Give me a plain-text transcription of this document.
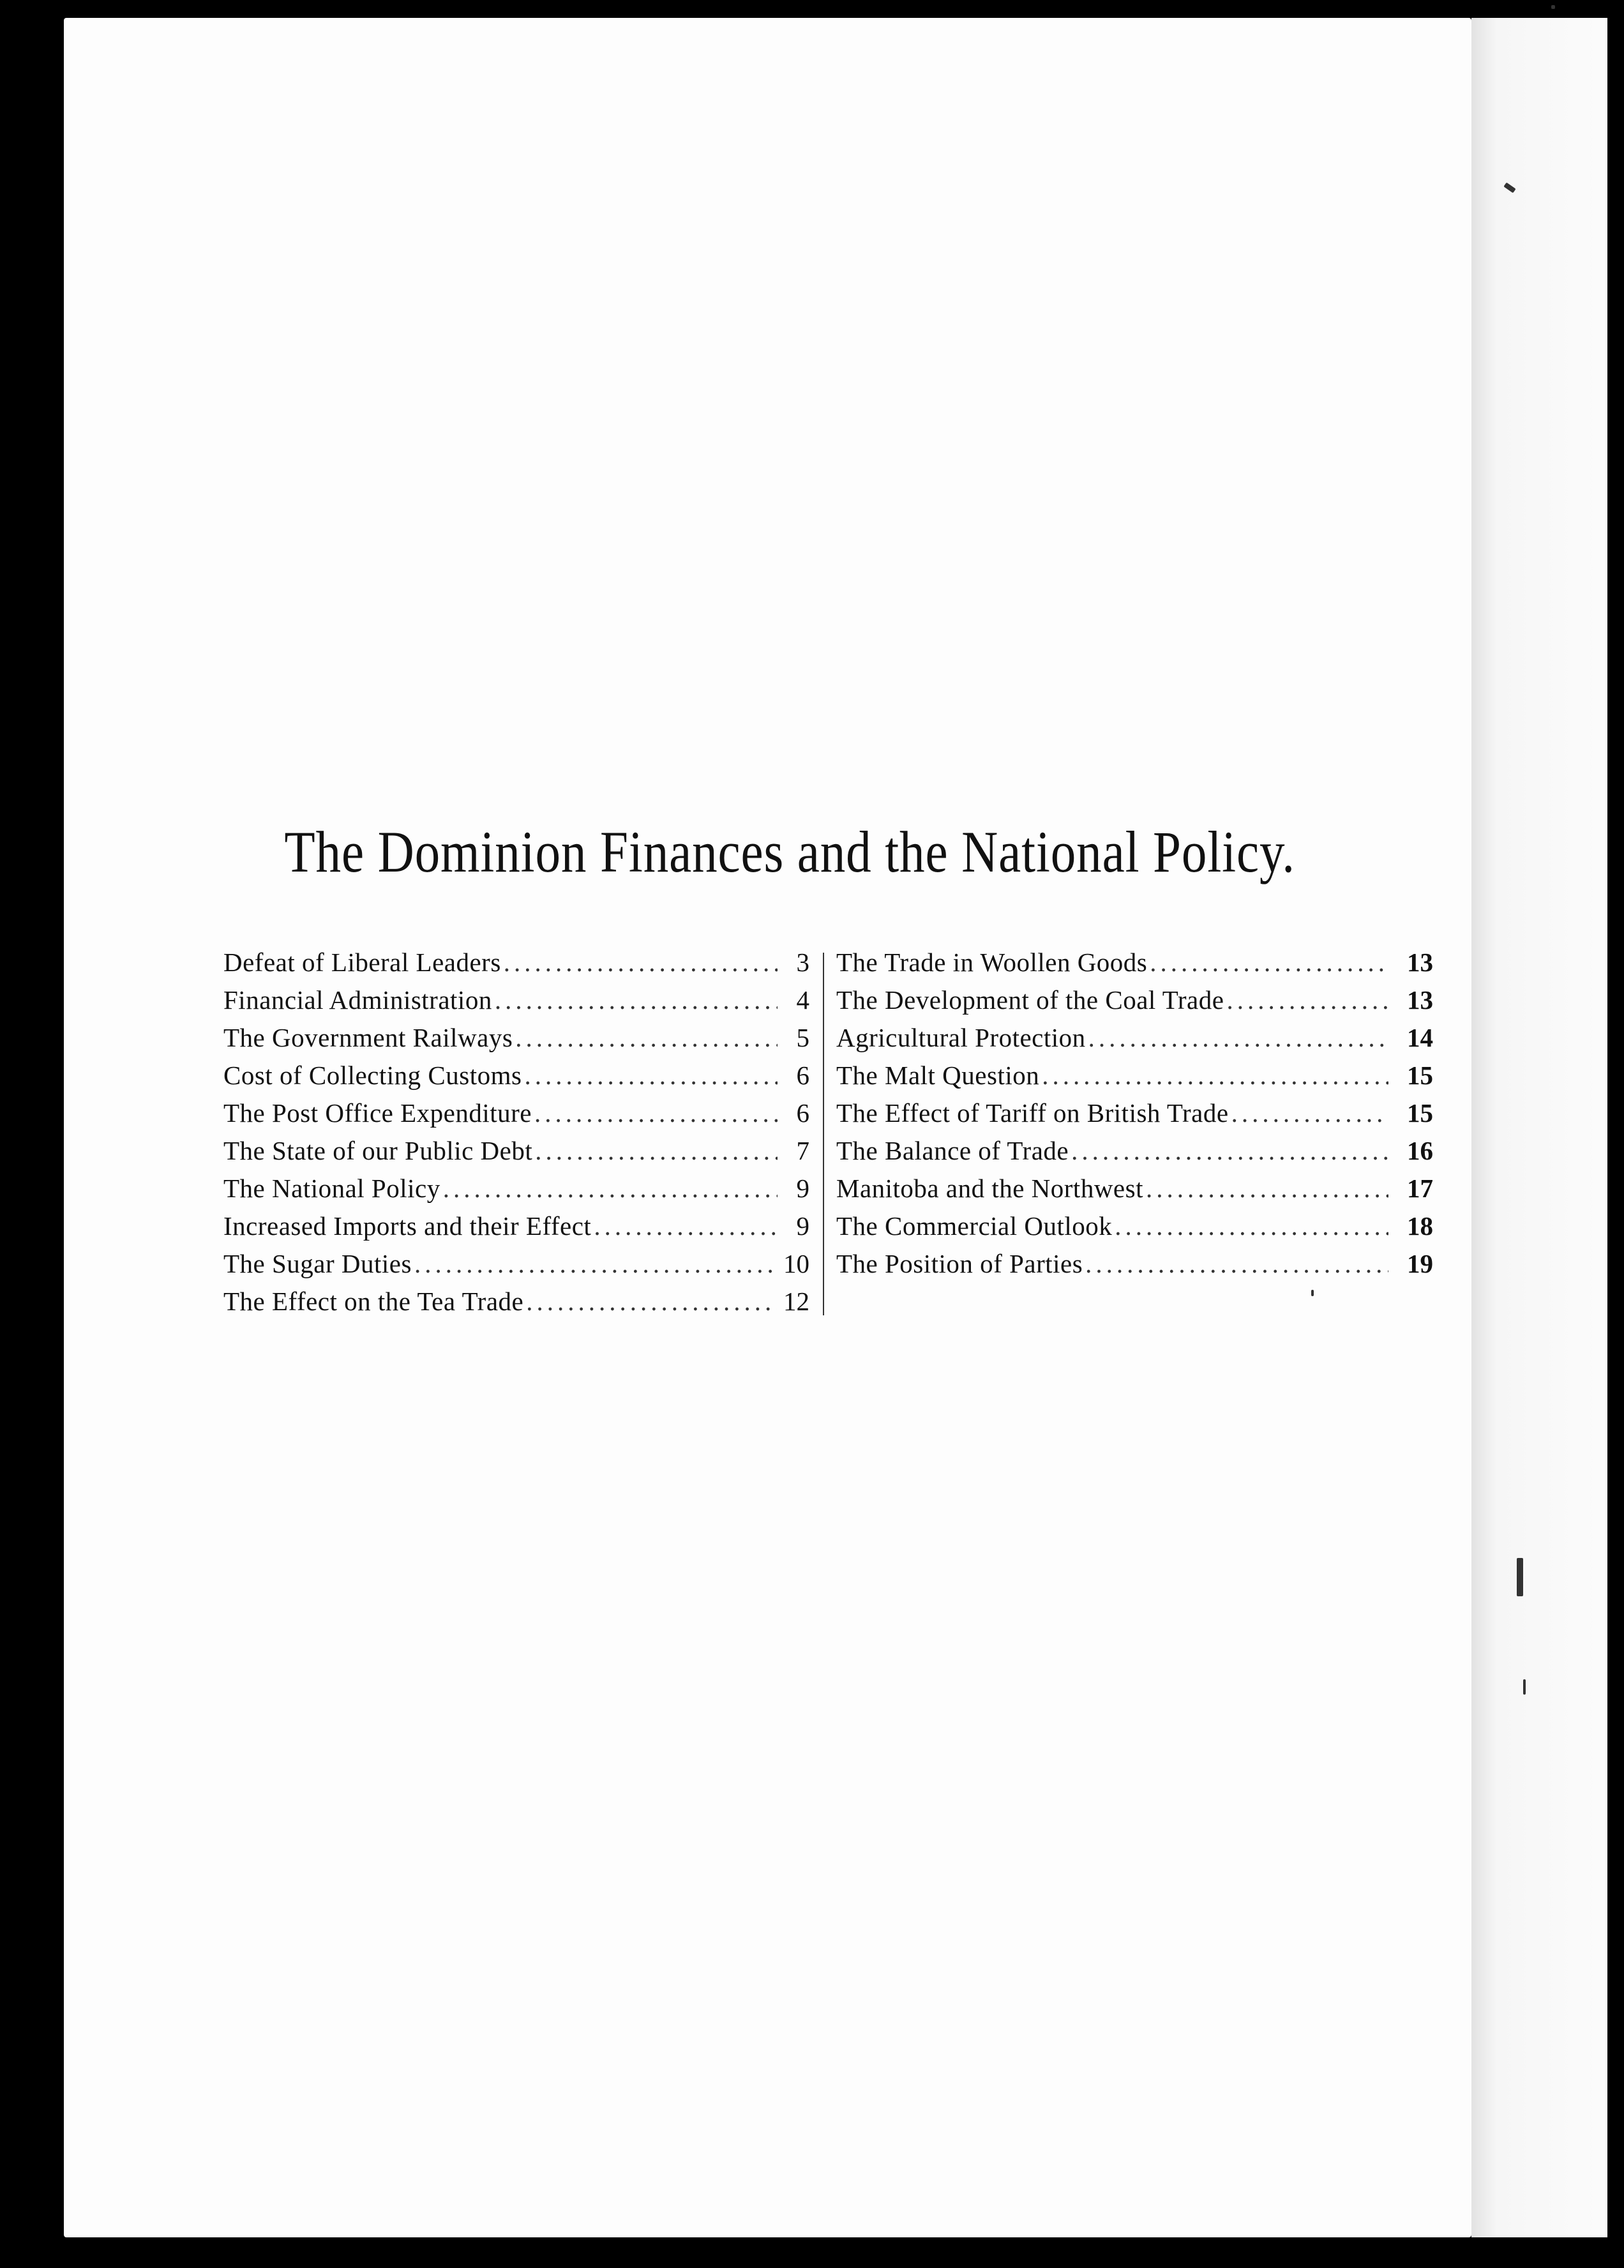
The Dominion Finances and the National Policy.
Defeat of Liberal Leaders .....	3
Financial Administration .....	4
The Government Railways .....	5
Cost of Collecting Customs .....	6
The Post Office Expenditure .....	6
The State of our Public Debt .....	7
The National Policy .....	9
Increased Imports and their Effect .....	9
The Sugar Duties .....	10
The Effect on the Tea Trade .....	12
The Trade in Woollen Goods .....	13
The Development of the Coal Trade .....	13
Agricultural Protection .....	14
The Malt Question .....	15
The Effect of Tariff on British Trade .....	15
The Balance of Trade .....	16
Manitoba and the Northwest .....	17
The Commercial Outlook .....	18
The Position of Parties .....	19
